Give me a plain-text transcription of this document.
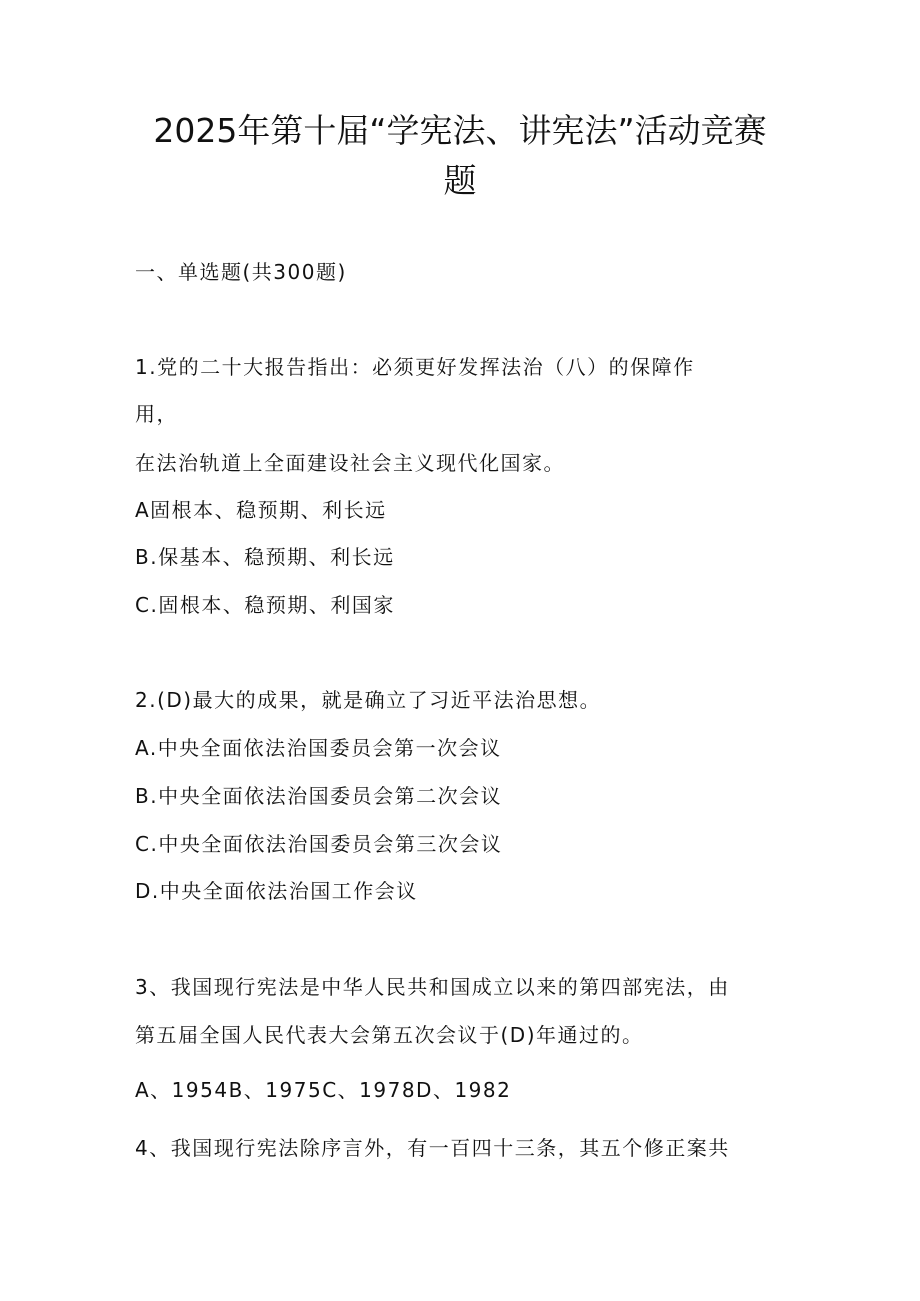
2025年第十届“学宪法、讲宪法”活动竞赛
题
一、单选题(共300题)
1.党的二十大报告指出：必须更好发挥法治（八）的保障作
用，
在法治轨道上全面建设社会主义现代化国家。
A固根本、稳预期、利长远
B.保基本、稳预期、利长远
C.固根本、稳预期、利国家
2.(D)最大的成果，就是确立了习近平法治思想。
A.中央全面依法治国委员会第一次会议
B.中央全面依法治国委员会第二次会议
C.中央全面依法治国委员会第三次会议
D.中央全面依法治国工作会议
3、我国现行宪法是中华人民共和国成立以来的第四部宪法，由
第五届全国人民代表大会第五次会议于(D)年通过的。
A、1954B、1975C、1978D、1982
4、我国现行宪法除序言外，有一百四十三条，其五个修正案共
